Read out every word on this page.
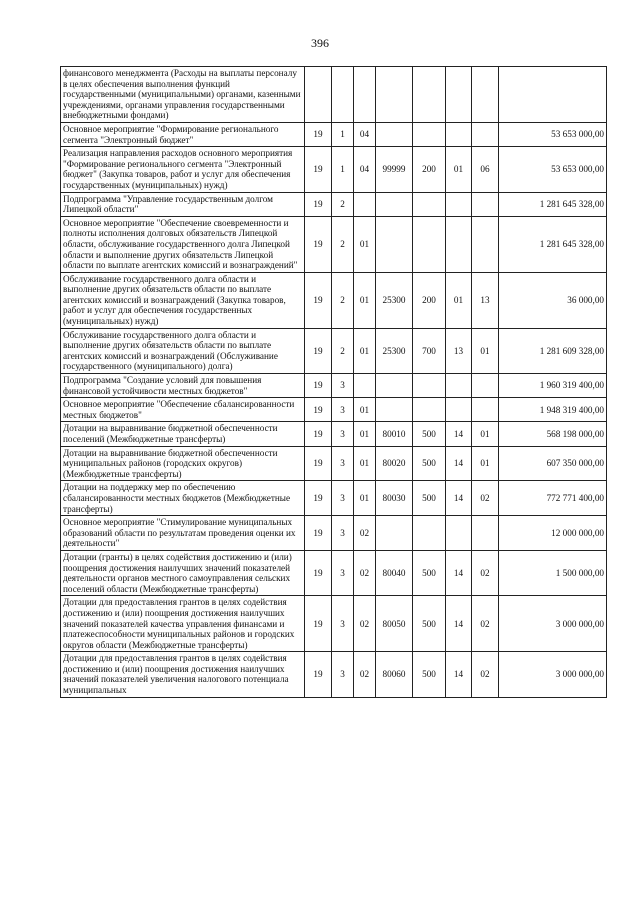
396
финансового менеджмента (Расходы на выплаты персоналу в целях обеспечения выполнения функций государственными (муниципальными) органами, казенными учреждениями, органами управления государственными внебюджетными фондами)								
Основное мероприятие "Формирование регионального сегмента "Электронный бюджет"	19	1	04					53 653 000,00
Реализация направления расходов основного мероприятия "Формирование регионального сегмента "Электронный бюджет" (Закупка товаров, работ и услуг для обеспечения государственных (муниципальных) нужд)	19	1	04	99999	200	01	06	53 653 000,00
Подпрограмма "Управление государственным долгом Липецкой области"	19	2						1 281 645 328,00
Основное мероприятие "Обеспечение своевременности и полноты исполнения долговых обязательств Липецкой области, обслуживание государственного долга Липецкой области и выполнение других обязательств Липецкой области по выплате агентских комиссий и вознаграждений"	19	2	01					1 281 645 328,00
Обслуживание государственного долга области и выполнение других обязательств области по выплате агентских комиссий и вознаграждений (Закупка товаров, работ и услуг для обеспечения государственных (муниципальных) нужд)	19	2	01	25300	200	01	13	36 000,00
Обслуживание государственного долга области и выполнение других обязательств области по выплате агентских комиссий и вознаграждений (Обслуживание государственного (муниципального) долга)	19	2	01	25300	700	13	01	1 281 609 328,00
Подпрограмма "Создание условий для повышения финансовой устойчивости местных бюджетов"	19	3						1 960 319 400,00
Основное мероприятие "Обеспечение сбалансированности местных бюджетов"	19	3	01					1 948 319 400,00
Дотации на выравнивание бюджетной обеспеченности поселений (Межбюджетные трансферты)	19	3	01	80010	500	14	01	568 198 000,00
Дотации на выравнивание бюджетной обеспеченности муниципальных районов (городских округов) (Межбюджетные трансферты)	19	3	01	80020	500	14	01	607 350 000,00
Дотации на поддержку мер по обеспечению сбалансированности местных бюджетов (Межбюджетные трансферты)	19	3	01	80030	500	14	02	772 771 400,00
Основное мероприятие "Стимулирование муниципальных образований области по результатам проведения оценки их деятельности"	19	3	02					12 000 000,00
Дотации (гранты) в целях содействия достижению и (или) поощрения достижения наилучших значений показателей деятельности органов местного самоуправления сельских поселений области (Межбюджетные трансферты)	19	3	02	80040	500	14	02	1 500 000,00
Дотации для предоставления грантов в целях содействия достижению и (или) поощрения достижения наилучших значений показателей качества управления финансами и платежеспособности муниципальных районов и городских округов области (Межбюджетные трансферты)	19	3	02	80050	500	14	02	3 000 000,00
Дотации для предоставления грантов в целях содействия достижению и (или) поощрения достижения наилучших значений показателей увеличения налогового потенциала муниципальных	19	3	02	80060	500	14	02	3 000 000,00
